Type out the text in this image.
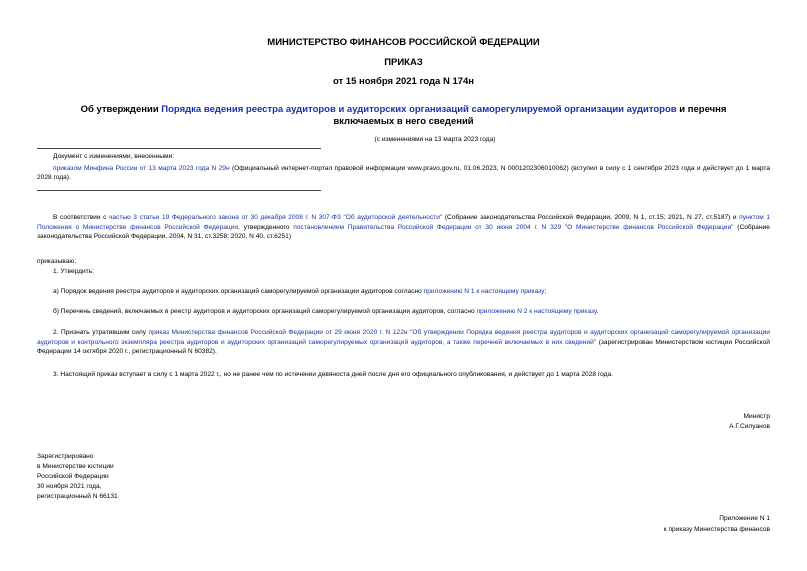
МИНИСТЕРСТВО ФИНАНСОВ РОССИЙСКОЙ ФЕДЕРАЦИИ
ПРИКАЗ
от 15 ноября 2021 года N 174н
Об утверждении Порядка ведения реестра аудиторов и аудиторских организаций саморегулируемой организации аудиторов и перечня включаемых в него сведений
(с изменениями на 13 марта 2023 года)
Документ с изменениями, внесенными:
приказом Минфина России от 13 марта 2023 года N 29н (Официальный интернет-портал правовой информации www.pravo.gov.ru, 01.06.2023, N 0001202306010062) (вступил в силу с 1 сентября 2023 года и действует до 1 марта 2028 года).
В соответствии с частью 3 статьи 19 Федерального закона от 30 декабря 2008 г. N 307-ФЗ "Об аудиторской деятельности" (Собрание законодательства Российской Федерации, 2009, N 1, ст.15; 2021, N 27, ст.5187) и пунктом 1 Положения о Министерстве финансов Российской Федерации, утвержденного постановлением Правительства Российской Федерации от 30 июня 2004 г. N 329 "О Министерстве финансов Российской Федерации" (Собрание законодательства Российской Федерации, 2004, N 31, ст.3258; 2020, N 40, ст.6251)
приказываю:
1. Утвердить:
а) Порядок ведения реестра аудиторов и аудиторских организаций саморегулируемой организации аудиторов согласно приложению N 1 к настоящему приказу;
б) Перечень сведений, включаемых в реестр аудиторов и аудиторских организаций саморегулируемой организации аудиторов, согласно приложению N 2 к настоящему приказу.
2. Признать утратившим силу приказ Министерства финансов Российской Федерации от 29 июня 2020 г. N 122н "Об утверждении Порядка ведения реестра аудиторов и аудиторских организаций саморегулируемой организации аудиторов и контрольного экземпляра реестра аудиторов и аудиторских организаций саморегулируемых организаций аудиторов, а также перечней включаемых в них сведений" (зарегистрирован Министерством юстиции Российской Федерации 14 октября 2020 г., регистрационный N 60382).
3. Настоящий приказ вступает в силу с 1 марта 2022 г., но не ранее чем по истечении девяноста дней после дня его официального опубликования, и действует до 1 марта 2028 года.
Министр
А.Г.Силуанов
Зарегистрировано
в Министерстве юстиции
Российской Федерации
30 ноября 2021 года,
регистрационный N 66131
Приложение N 1
к приказу Министерства финансов
